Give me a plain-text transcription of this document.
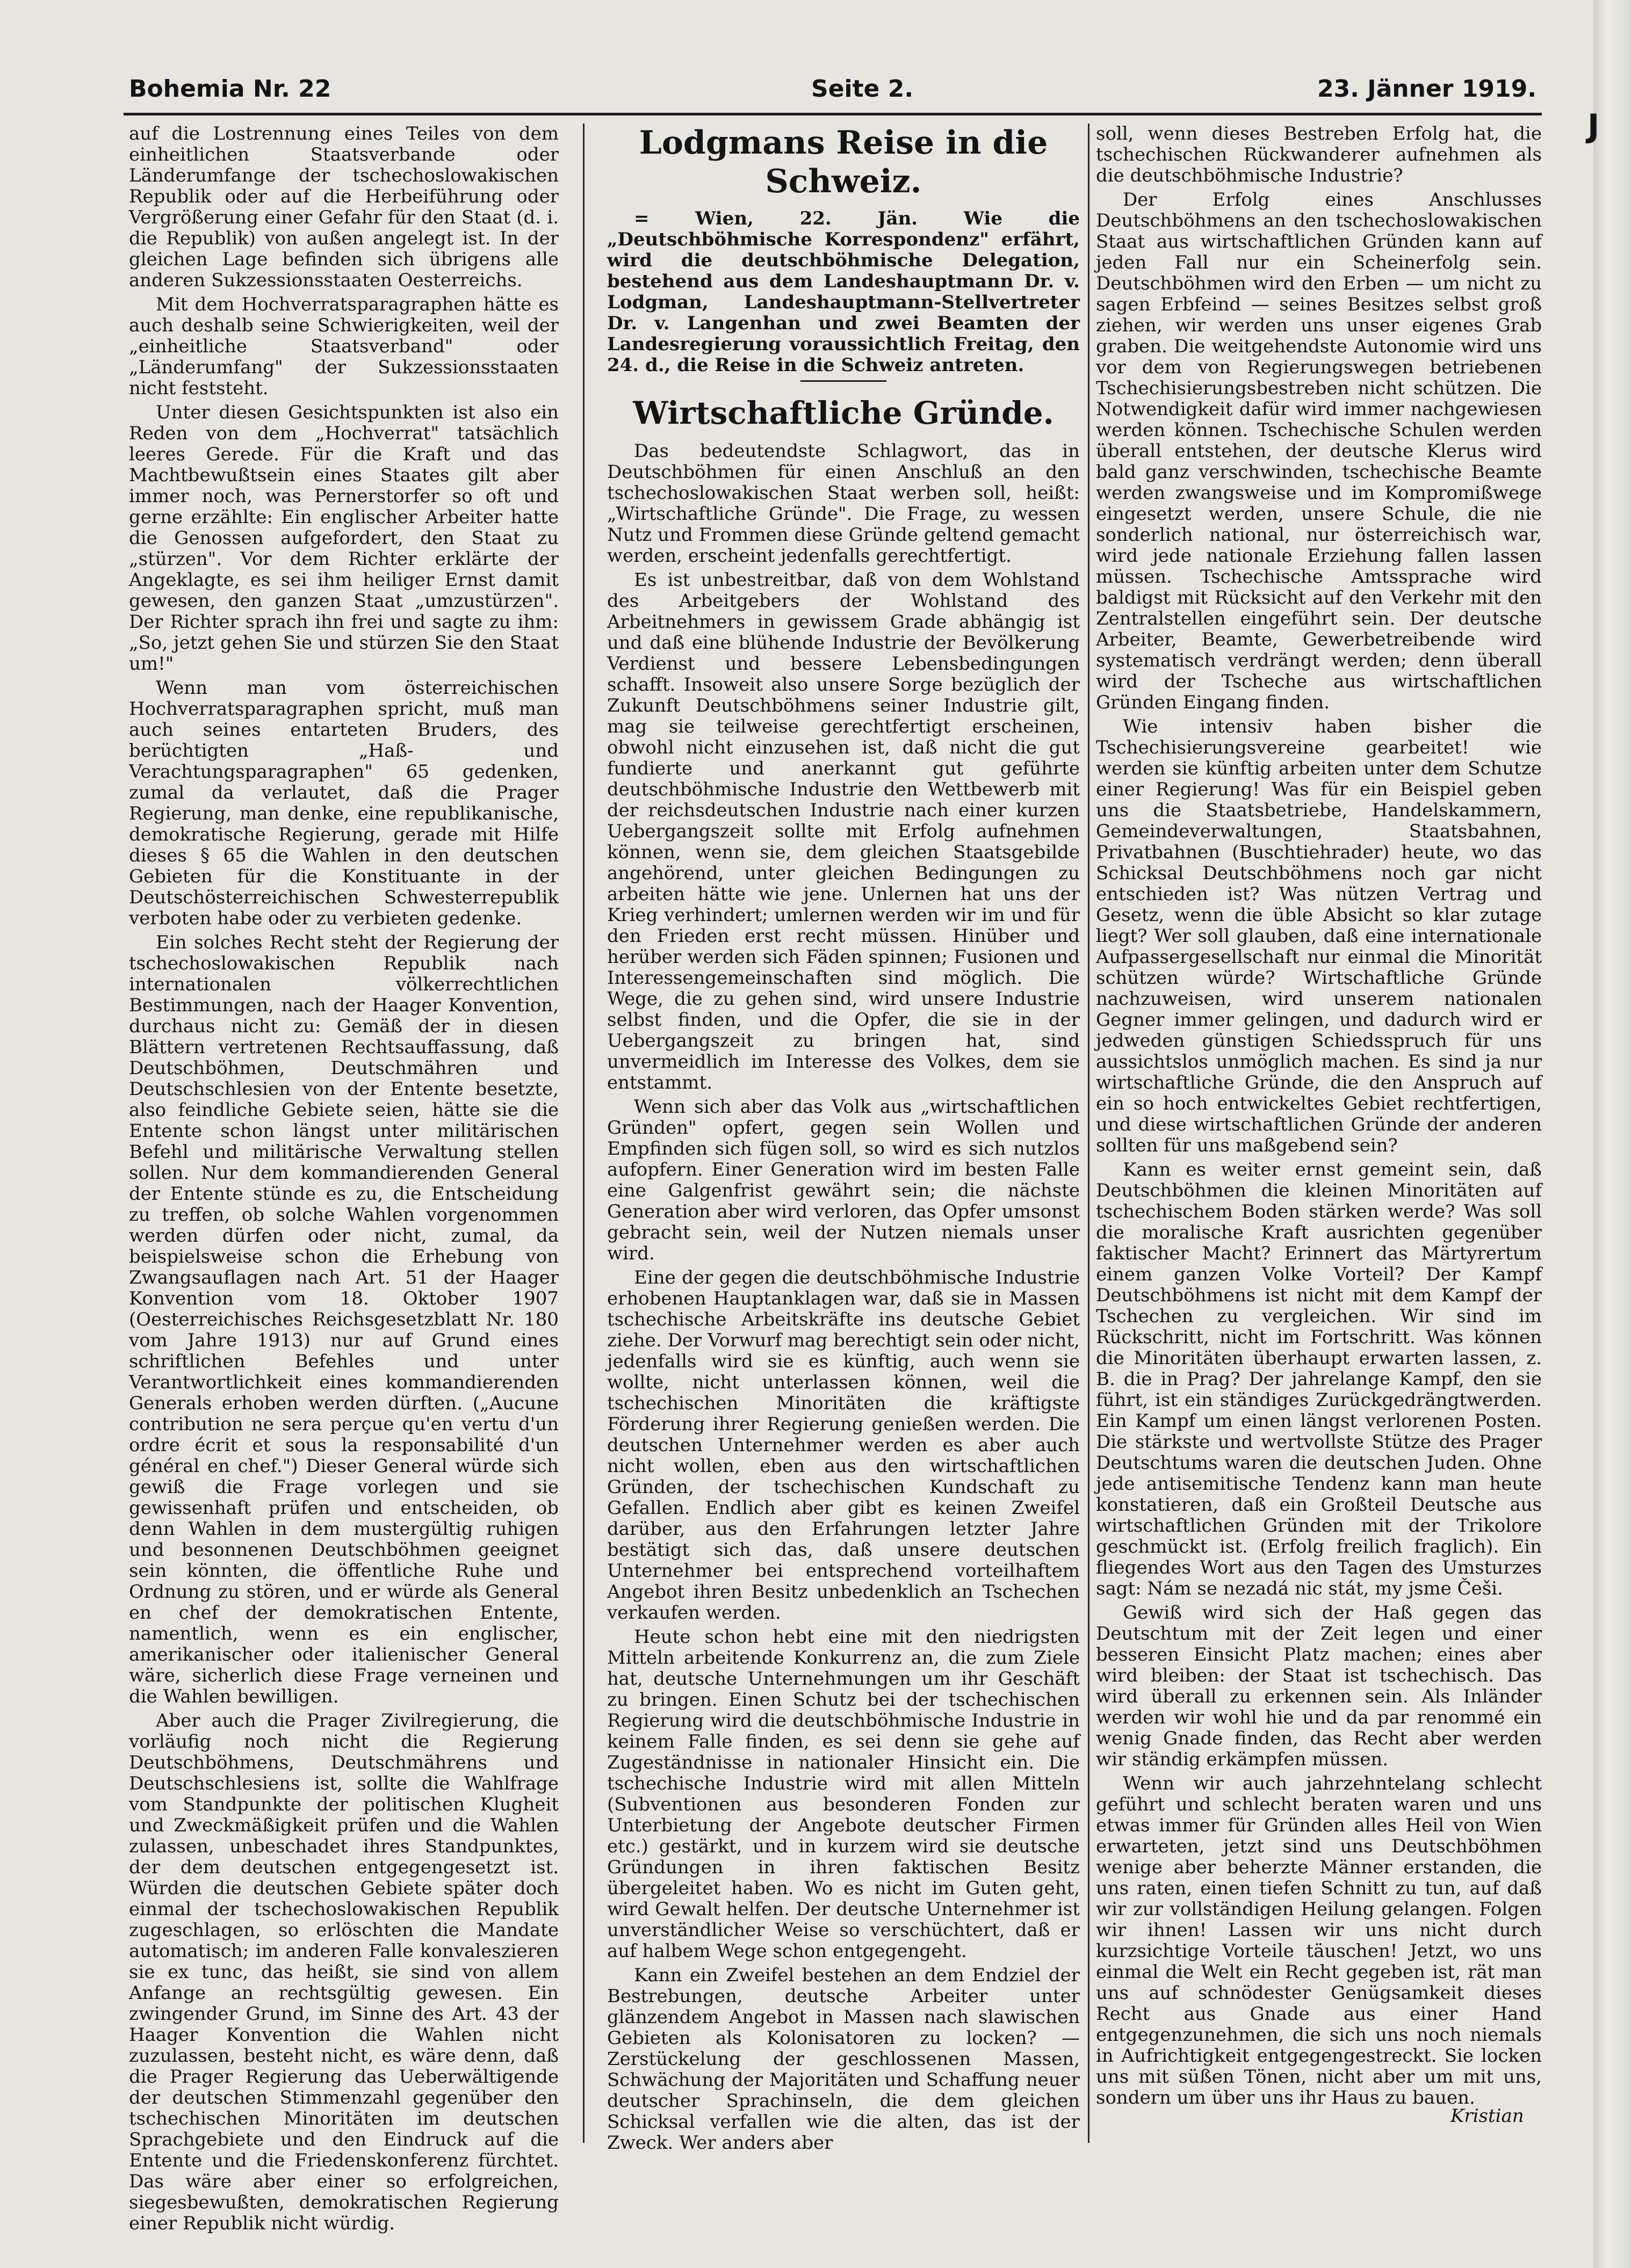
J
Bohemia Nr. 22	Seite 2.	23. Jänner 1919.

auf die Lostrennung eines Teiles von dem einheitlichen Staatsverbande oder Länderumfange der tschechoslowakischen Republik oder auf die Herbeiführung oder Vergrößerung einer Gefahr für den Staat (d. i. die Republik) von außen angelegt ist. In der gleichen Lage befinden sich übrigens alle anderen Sukzessionsstaaten Oesterreichs.

Mit dem Hochverratsparagraphen hätte es auch deshalb seine Schwierigkeiten, weil der „einheitliche Staatsverband" oder „Länderumfang" der Sukzessionsstaaten nicht feststeht.

Unter diesen Gesichtspunkten ist also ein Reden von dem „Hochverrat" tatsächlich leeres Gerede. Für die Kraft und das Machtbewußtsein eines Staates gilt aber immer noch, was Pernerstorfer so oft und gerne erzählte: Ein englischer Arbeiter hatte die Genossen aufgefordert, den Staat zu „stürzen". Vor dem Richter erklärte der Angeklagte, es sei ihm heiliger Ernst damit gewesen, den ganzen Staat „umzustürzen". Der Richter sprach ihn frei und sagte zu ihm: „So, jetzt gehen Sie und stürzen Sie den Staat um!"

Wenn man vom österreichischen Hochverratsparagraphen spricht, muß man auch seines entarteten Bruders, des berüchtigten „Haß- und Verachtungsparagraphen" 65 gedenken, zumal da verlautet, daß die Prager Regierung, man denke, eine republikanische, demokratische Regierung, gerade mit Hilfe dieses § 65 die Wahlen in den deutschen Gebieten für die Konstituante in der Deutschösterreichischen Schwesterrepublik verboten habe oder zu verbieten gedenke.

Ein solches Recht steht der Regierung der tschechoslowakischen Republik nach internationalen völkerrechtlichen Bestimmungen, nach der Haager Konvention, durchaus nicht zu: Gemäß der in diesen Blättern vertretenen Rechtsauffassung, daß Deutschböhmen, Deutschmähren und Deutschschlesien von der Entente besetzte, also feindliche Gebiete seien, hätte sie die Entente schon längst unter militärischen Befehl und militärische Verwaltung stellen sollen. Nur dem kommandierenden General der Entente stünde es zu, die Entscheidung zu treffen, ob solche Wahlen vorgenommen werden dürfen oder nicht, zumal, da beispielsweise schon die Erhebung von Zwangsauflagen nach Art. 51 der Haager Konvention vom 18. Oktober 1907 (Oesterreichisches Reichsgesetzblatt Nr. 180 vom Jahre 1913) nur auf Grund eines schriftlichen Befehles und unter Verantwortlichkeit eines kommandierenden Generals erhoben werden dürften. („Aucune contribution ne sera perçue qu'en vertu d'un ordre écrit et sous la responsabilité d'un général en chef.") Dieser General würde sich gewiß die Frage vorlegen und sie gewissenhaft prüfen und entscheiden, ob denn Wahlen in dem mustergültig ruhigen und besonnenen Deutschböhmen geeignet sein könnten, die öffentliche Ruhe und Ordnung zu stören, und er würde als General en chef der demokratischen Entente, namentlich, wenn es ein englischer, amerikanischer oder italienischer General wäre, sicherlich diese Frage verneinen und die Wahlen bewilligen.

Aber auch die Prager Zivilregierung, die vorläufig noch nicht die Regierung Deutschböhmens, Deutschmährens und Deutschschlesiens ist, sollte die Wahlfrage vom Standpunkte der politischen Klugheit und Zweckmäßigkeit prüfen und die Wahlen zulassen, unbeschadet ihres Standpunktes, der dem deutschen entgegengesetzt ist. Würden die deutschen Gebiete später doch einmal der tschechoslowakischen Republik zugeschlagen, so erlöschten die Mandate automatisch; im anderen Falle konvaleszieren sie ex tunc, das heißt, sie sind von allem Anfange an rechtsgültig gewesen. Ein zwingender Grund, im Sinne des Art. 43 der Haager Konvention die Wahlen nicht zuzulassen, besteht nicht, es wäre denn, daß die Prager Regierung das Ueberwältigende der deutschen Stimmenzahl gegenüber den tschechischen Minoritäten im deutschen Sprachgebiete und den Eindruck auf die Entente und die Friedenskonferenz fürchtet. Das wäre aber einer so erfolgreichen, siegesbewußten, demokratischen Regierung einer Republik nicht würdig.

Lodgmans Reise in die Schweiz.

= Wien, 22. Jän. Wie die „Deutschböhmische Korrespondenz" erfährt, wird die deutschböhmische Delegation, bestehend aus dem Landeshauptmann Dr. v. Lodgman, Landeshauptmann-Stellvertreter Dr. v. Langenhan und zwei Beamten der Landesregierung voraussichtlich Freitag, den 24. d., die Reise in die Schweiz antreten.

Wirtschaftliche Gründe.

Das bedeutendste Schlagwort, das in Deutschböhmen für einen Anschluß an den tschechoslowakischen Staat werben soll, heißt: „Wirtschaftliche Gründe". Die Frage, zu wessen Nutz und Frommen diese Gründe geltend gemacht werden, erscheint jedenfalls gerechtfertigt.

Es ist unbestreitbar, daß von dem Wohlstand des Arbeitgebers der Wohlstand des Arbeitnehmers in gewissem Grade abhängig ist und daß eine blühende Industrie der Bevölkerung Verdienst und bessere Lebensbedingungen schafft. Insoweit also unsere Sorge bezüglich der Zukunft Deutschböhmens seiner Industrie gilt, mag sie teilweise gerechtfertigt erscheinen, obwohl nicht einzusehen ist, daß nicht die gut fundierte und anerkannt gut geführte deutschböhmische Industrie den Wettbewerb mit der reichsdeutschen Industrie nach einer kurzen Uebergangszeit sollte mit Erfolg aufnehmen können, wenn sie, dem gleichen Staatsgebilde angehörend, unter gleichen Bedingungen zu arbeiten hätte wie jene. Unlernen hat uns der Krieg verhindert; umlernen werden wir im und für den Frieden erst recht müssen. Hinüber und herüber werden sich Fäden spinnen; Fusionen und Interessengemeinschaften sind möglich. Die Wege, die zu gehen sind, wird unsere Industrie selbst finden, und die Opfer, die sie in der Uebergangszeit zu bringen hat, sind unvermeidlich im Interesse des Volkes, dem sie entstammt.

Wenn sich aber das Volk aus „wirtschaftlichen Gründen" opfert, gegen sein Wollen und Empfinden sich fügen soll, so wird es sich nutzlos aufopfern. Einer Generation wird im besten Falle eine Galgenfrist gewährt sein; die nächste Generation aber wird verloren, das Opfer umsonst gebracht sein, weil der Nutzen niemals unser wird.

Eine der gegen die deutschböhmische Industrie erhobenen Hauptanklagen war, daß sie in Massen tschechische Arbeitskräfte ins deutsche Gebiet ziehe. Der Vorwurf mag berechtigt sein oder nicht, jedenfalls wird sie es künftig, auch wenn sie wollte, nicht unterlassen können, weil die tschechischen Minoritäten die kräftigste Förderung ihrer Regierung genießen werden. Die deutschen Unternehmer werden es aber auch nicht wollen, eben aus den wirtschaftlichen Gründen, der tschechischen Kundschaft zu Gefallen. Endlich aber gibt es keinen Zweifel darüber, aus den Erfahrungen letzter Jahre bestätigt sich das, daß unsere deutschen Unternehmer bei entsprechend vorteilhaftem Angebot ihren Besitz unbedenklich an Tschechen verkaufen werden.

Heute schon hebt eine mit den niedrigsten Mitteln arbeitende Konkurrenz an, die zum Ziele hat, deutsche Unternehmungen um ihr Geschäft zu bringen. Einen Schutz bei der tschechischen Regierung wird die deutschböhmische Industrie in keinem Falle finden, es sei denn sie gehe auf Zugeständnisse in nationaler Hinsicht ein. Die tschechische Industrie wird mit allen Mitteln (Subventionen aus besonderen Fonden zur Unterbietung der Angebote deutscher Firmen etc.) gestärkt, und in kurzem wird sie deutsche Gründungen in ihren faktischen Besitz übergeleitet haben. Wo es nicht im Guten geht, wird Gewalt helfen. Der deutsche Unternehmer ist unverständlicher Weise so verschüchtert, daß er auf halbem Wege schon entgegengeht.

Kann ein Zweifel bestehen an dem Endziel der Bestrebungen, deutsche Arbeiter unter glänzendem Angebot in Massen nach slawischen Gebieten als Kolonisatoren zu locken? — Zerstückelung der geschlossenen Massen, Schwächung der Majoritäten und Schaffung neuer deutscher Sprachinseln, die dem gleichen Schicksal verfallen wie die alten, das ist der Zweck. Wer anders aber

soll, wenn dieses Bestreben Erfolg hat, die tschechischen Rückwanderer aufnehmen als die deutschböhmische Industrie?

Der Erfolg eines Anschlusses Deutschböhmens an den tschechoslowakischen Staat aus wirtschaftlichen Gründen kann auf jeden Fall nur ein Scheinerfolg sein. Deutschböhmen wird den Erben — um nicht zu sagen Erbfeind — seines Besitzes selbst groß ziehen, wir werden uns unser eigenes Grab graben. Die weitgehendste Autonomie wird uns vor dem von Regierungswegen betriebenen Tschechisierungsbestreben nicht schützen. Die Notwendigkeit dafür wird immer nachgewiesen werden können. Tschechische Schulen werden überall entstehen, der deutsche Klerus wird bald ganz verschwinden, tschechische Beamte werden zwangsweise und im Kompromißwege eingesetzt werden, unsere Schule, die nie sonderlich national, nur österreichisch war, wird jede nationale Erziehung fallen lassen müssen. Tschechische Amtssprache wird baldigst mit Rücksicht auf den Verkehr mit den Zentralstellen eingeführt sein. Der deutsche Arbeiter, Beamte, Gewerbetreibende wird systematisch verdrängt werden; denn überall wird der Tscheche aus wirtschaftlichen Gründen Eingang finden.

Wie intensiv haben bisher die Tschechisierungsvereine gearbeitet! wie werden sie künftig arbeiten unter dem Schutze einer Regierung! Was für ein Beispiel geben uns die Staatsbetriebe, Handelskammern, Gemeindeverwaltungen, Staatsbahnen, Privatbahnen (Buschtiehrader) heute, wo das Schicksal Deutschböhmens noch gar nicht entschieden ist? Was nützen Vertrag und Gesetz, wenn die üble Absicht so klar zutage liegt? Wer soll glauben, daß eine internationale Aufpassergesellschaft nur einmal die Minorität schützen würde? Wirtschaftliche Gründe nachzuweisen, wird unserem nationalen Gegner immer gelingen, und dadurch wird er jedweden günstigen Schiedsspruch für uns aussichtslos unmöglich machen. Es sind ja nur wirtschaftliche Gründe, die den Anspruch auf ein so hoch entwickeltes Gebiet rechtfertigen, und diese wirtschaftlichen Gründe der anderen sollten für uns maßgebend sein?

Kann es weiter ernst gemeint sein, daß Deutschböhmen die kleinen Minoritäten auf tschechischem Boden stärken werde? Was soll die moralische Kraft ausrichten gegenüber faktischer Macht? Erinnert das Märtyrertum einem ganzen Volke Vorteil? Der Kampf Deutschböhmens ist nicht mit dem Kampf der Tschechen zu vergleichen. Wir sind im Rückschritt, nicht im Fortschritt. Was können die Minoritäten überhaupt erwarten lassen, z. B. die in Prag? Der jahrelange Kampf, den sie führt, ist ein ständiges Zurückgedrängtwerden. Ein Kampf um einen längst verlorenen Posten. Die stärkste und wertvollste Stütze des Prager Deutschtums waren die deutschen Juden. Ohne jede antisemitische Tendenz kann man heute konstatieren, daß ein Großteil Deutsche aus wirtschaftlichen Gründen mit der Trikolore geschmückt ist. (Erfolg freilich fraglich). Ein fliegendes Wort aus den Tagen des Umsturzes sagt: Nám se nezadá nic stát, my jsme Češi.

Gewiß wird sich der Haß gegen das Deutschtum mit der Zeit legen und einer besseren Einsicht Platz machen; eines aber wird bleiben: der Staat ist tschechisch. Das wird überall zu erkennen sein. Als Inländer werden wir wohl hie und da par renommé ein wenig Gnade finden, das Recht aber werden wir ständig erkämpfen müssen.

Wenn wir auch jahrzehntelang schlecht geführt und schlecht beraten waren und uns etwas immer für Gründen alles Heil von Wien erwarteten, jetzt sind uns Deutschböhmen wenige aber beherzte Männer erstanden, die uns raten, einen tiefen Schnitt zu tun, auf daß wir zur vollständigen Heilung gelangen. Folgen wir ihnen! Lassen wir uns nicht durch kurzsichtige Vorteile täuschen! Jetzt, wo uns einmal die Welt ein Recht gegeben ist, rät man uns auf schnödester Genügsamkeit dieses Recht aus Gnade aus einer Hand entgegenzunehmen, die sich uns noch niemals in Aufrichtigkeit entgegengestreckt. Sie locken uns mit süßen Tönen, nicht aber um mit uns, sondern um über uns ihr Haus zu bauen.

Kristian
